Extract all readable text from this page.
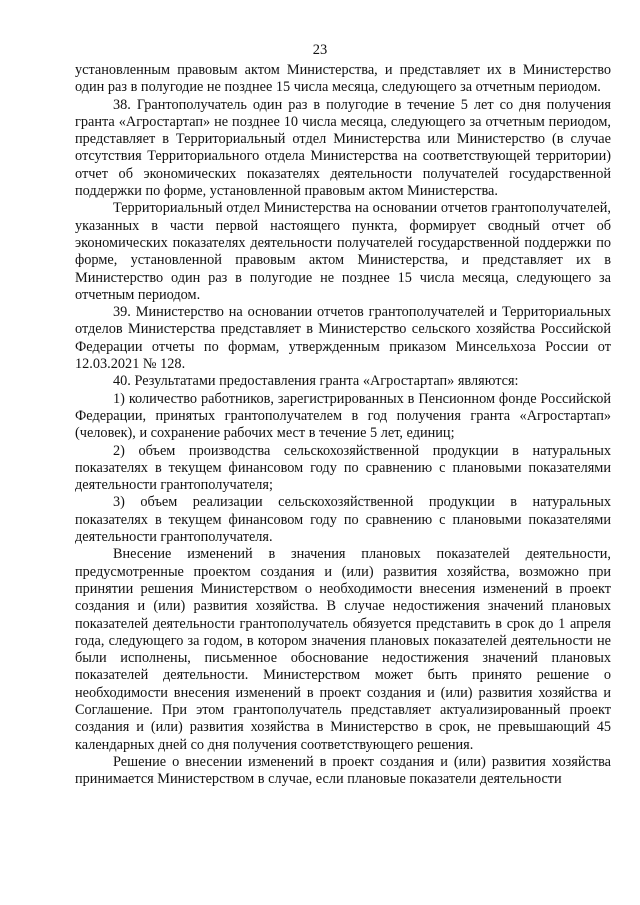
23

установленным правовым актом Министерства, и представляет их в Министерство один раз в полугодие не позднее 15 числа месяца, следующего за отчетным периодом.

38. Грантополучатель один раз в полугодие в течение 5 лет со дня получения гранта «Агростартап» не позднее 10 числа месяца, следующего за отчетным периодом, представляет в Территориальный отдел Министерства или Министерство (в случае отсутствия Территориального отдела Министерства на соответствующей территории) отчет об экономических показателях деятельности получателей государственной поддержки по форме, установленной правовым актом Министерства.

Территориальный отдел Министерства на основании отчетов грантополучателей, указанных в части первой настоящего пункта, формирует сводный отчет об экономических показателях деятельности получателей государственной поддержки по форме, установленной правовым актом Министерства, и представляет их в Министерство один раз в полугодие не позднее 15 числа месяца, следующего за отчетным периодом.

39. Министерство на основании отчетов грантополучателей и Территориальных отделов Министерства представляет в Министерство сельского хозяйства Российской Федерации отчеты по формам, утвержденным приказом Минсельхоза России от 12.03.2021 № 128.

40. Результатами предоставления гранта «Агростартап» являются:

1) количество работников, зарегистрированных в Пенсионном фонде Российской Федерации, принятых грантополучателем в год получения гранта «Агростартап» (человек), и сохранение рабочих мест в течение 5 лет, единиц;

2) объем производства сельскохозяйственной продукции в натуральных показателях в текущем финансовом году по сравнению с плановыми показателями деятельности грантополучателя;

3) объем реализации сельскохозяйственной продукции в натуральных показателях в текущем финансовом году по сравнению с плановыми показателями деятельности грантополучателя.

Внесение изменений в значения плановых показателей деятельности, предусмотренные проектом создания и (или) развития хозяйства, возможно при принятии решения Министерством о необходимости внесения изменений в проект создания и (или) развития хозяйства. В случае недостижения значений плановых показателей деятельности грантополучатель обязуется представить в срок до 1 апреля года, следующего за годом, в котором значения плановых показателей деятельности не были исполнены, письменное обоснование недостижения значений плановых показателей деятельности. Министерством может быть принято решение о необходимости внесения изменений в проект создания и (или) развития хозяйства и Соглашение. При этом грантополучатель представляет актуализированный проект создания и (или) развития хозяйства в Министерство в срок, не превышающий 45 календарных дней со дня получения соответствующего решения.

Решение о внесении изменений в проект создания и (или) развития хозяйства принимается Министерством в случае, если плановые показатели деятельности
